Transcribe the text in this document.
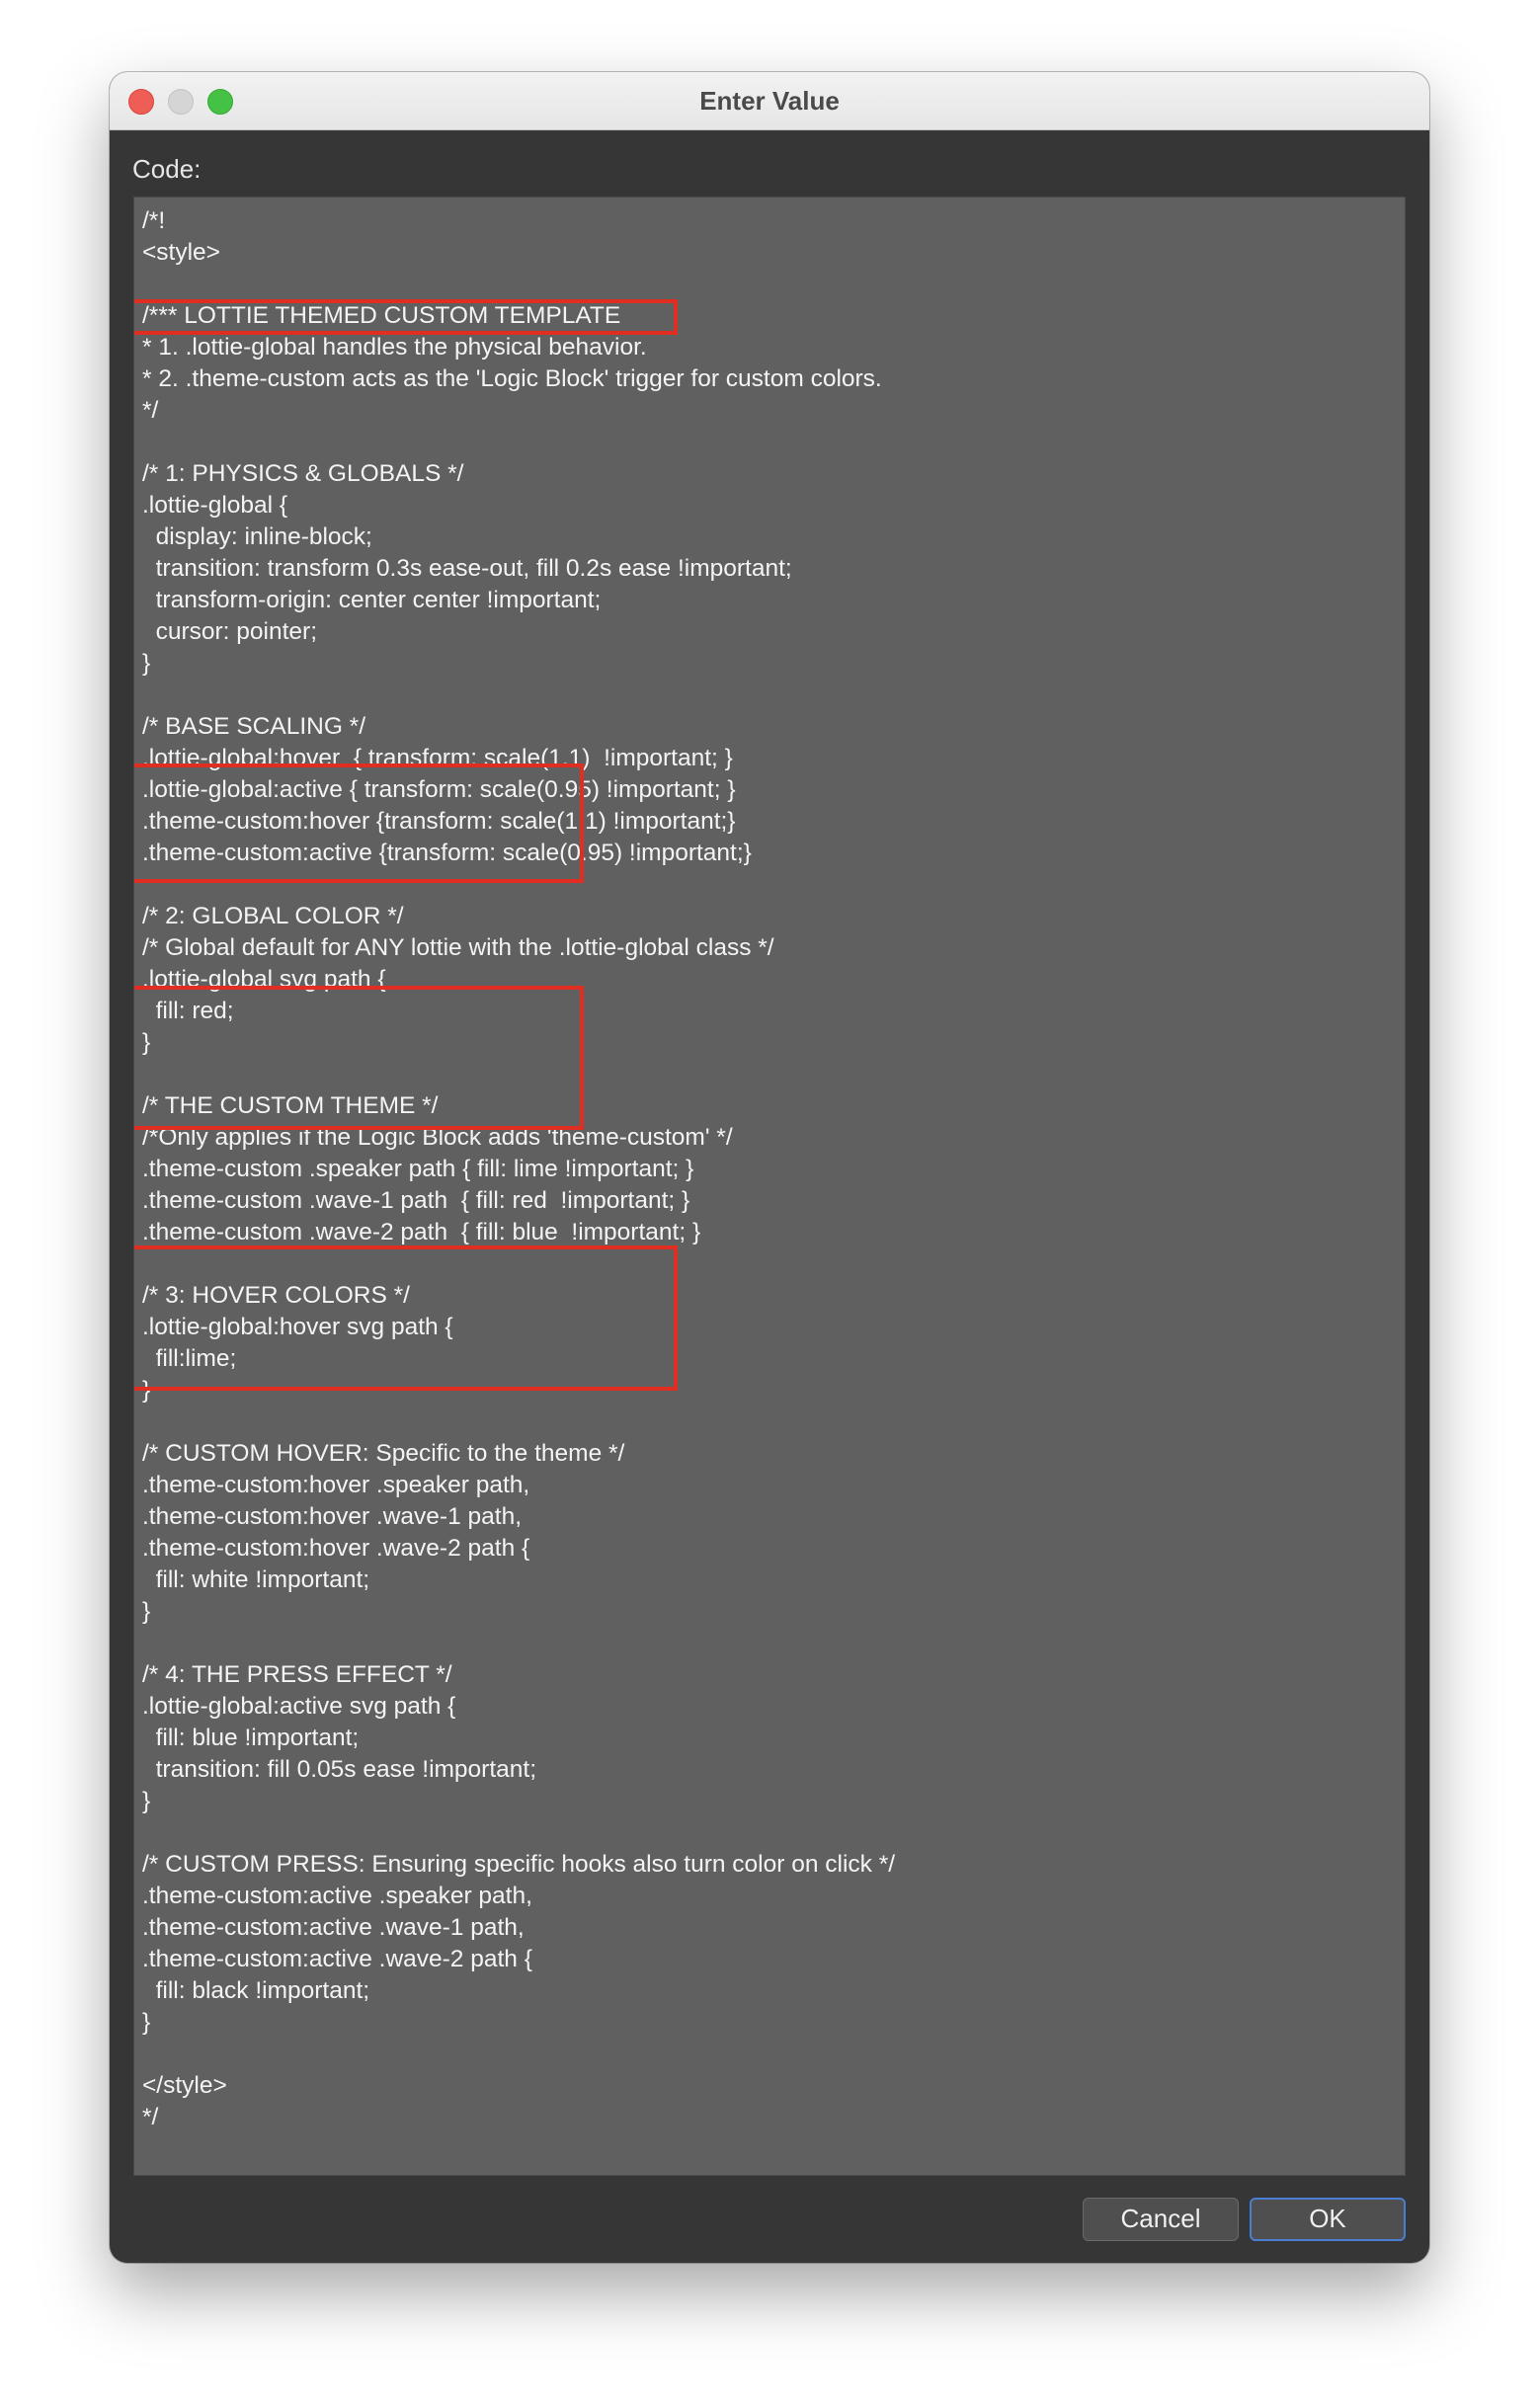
Enter Value
Code:
/*!
<style>
/*** LOTTIE THEMED CUSTOM TEMPLATE
* 1. .lottie-global handles the physical behavior.
* 2. .theme-custom acts as the 'Logic Block' trigger for custom colors.
*/
/* 1: PHYSICS & GLOBALS */
.lottie-global {
display: inline-block;
transition: transform 0.3s ease-out, fill 0.2s ease !important;
transform-origin: center center !important;
cursor: pointer;
}
/* BASE SCALING */
.lottie-global:hover  { transform: scale(1.1)  !important; }
.lottie-global:active { transform: scale(0.95) !important; }
.theme-custom:hover {transform: scale(1.1) !important;}
.theme-custom:active {transform: scale(0.95) !important;}
/* 2: GLOBAL COLOR */
/* Global default for ANY lottie with the .lottie-global class */
.lottie-global svg path {
fill: red;
}
/* THE CUSTOM THEME */
/*Only applies if the Logic Block adds 'theme-custom' */
.theme-custom .speaker path { fill: lime !important; }
.theme-custom .wave-1 path  { fill: red  !important; }
.theme-custom .wave-2 path  { fill: blue  !important; }
/* 3: HOVER COLORS */
.lottie-global:hover svg path {
fill:lime;
}
/* CUSTOM HOVER: Specific to the theme */
.theme-custom:hover .speaker path,
.theme-custom:hover .wave-1 path,
.theme-custom:hover .wave-2 path {
fill: white !important;
}
/* 4: THE PRESS EFFECT */
.lottie-global:active svg path {
fill: blue !important;
transition: fill 0.05s ease !important;
}
/* CUSTOM PRESS: Ensuring specific hooks also turn color on click */
.theme-custom:active .speaker path,
.theme-custom:active .wave-1 path,
.theme-custom:active .wave-2 path {
fill: black !important;
}
</style>
*/
Cancel	OK
